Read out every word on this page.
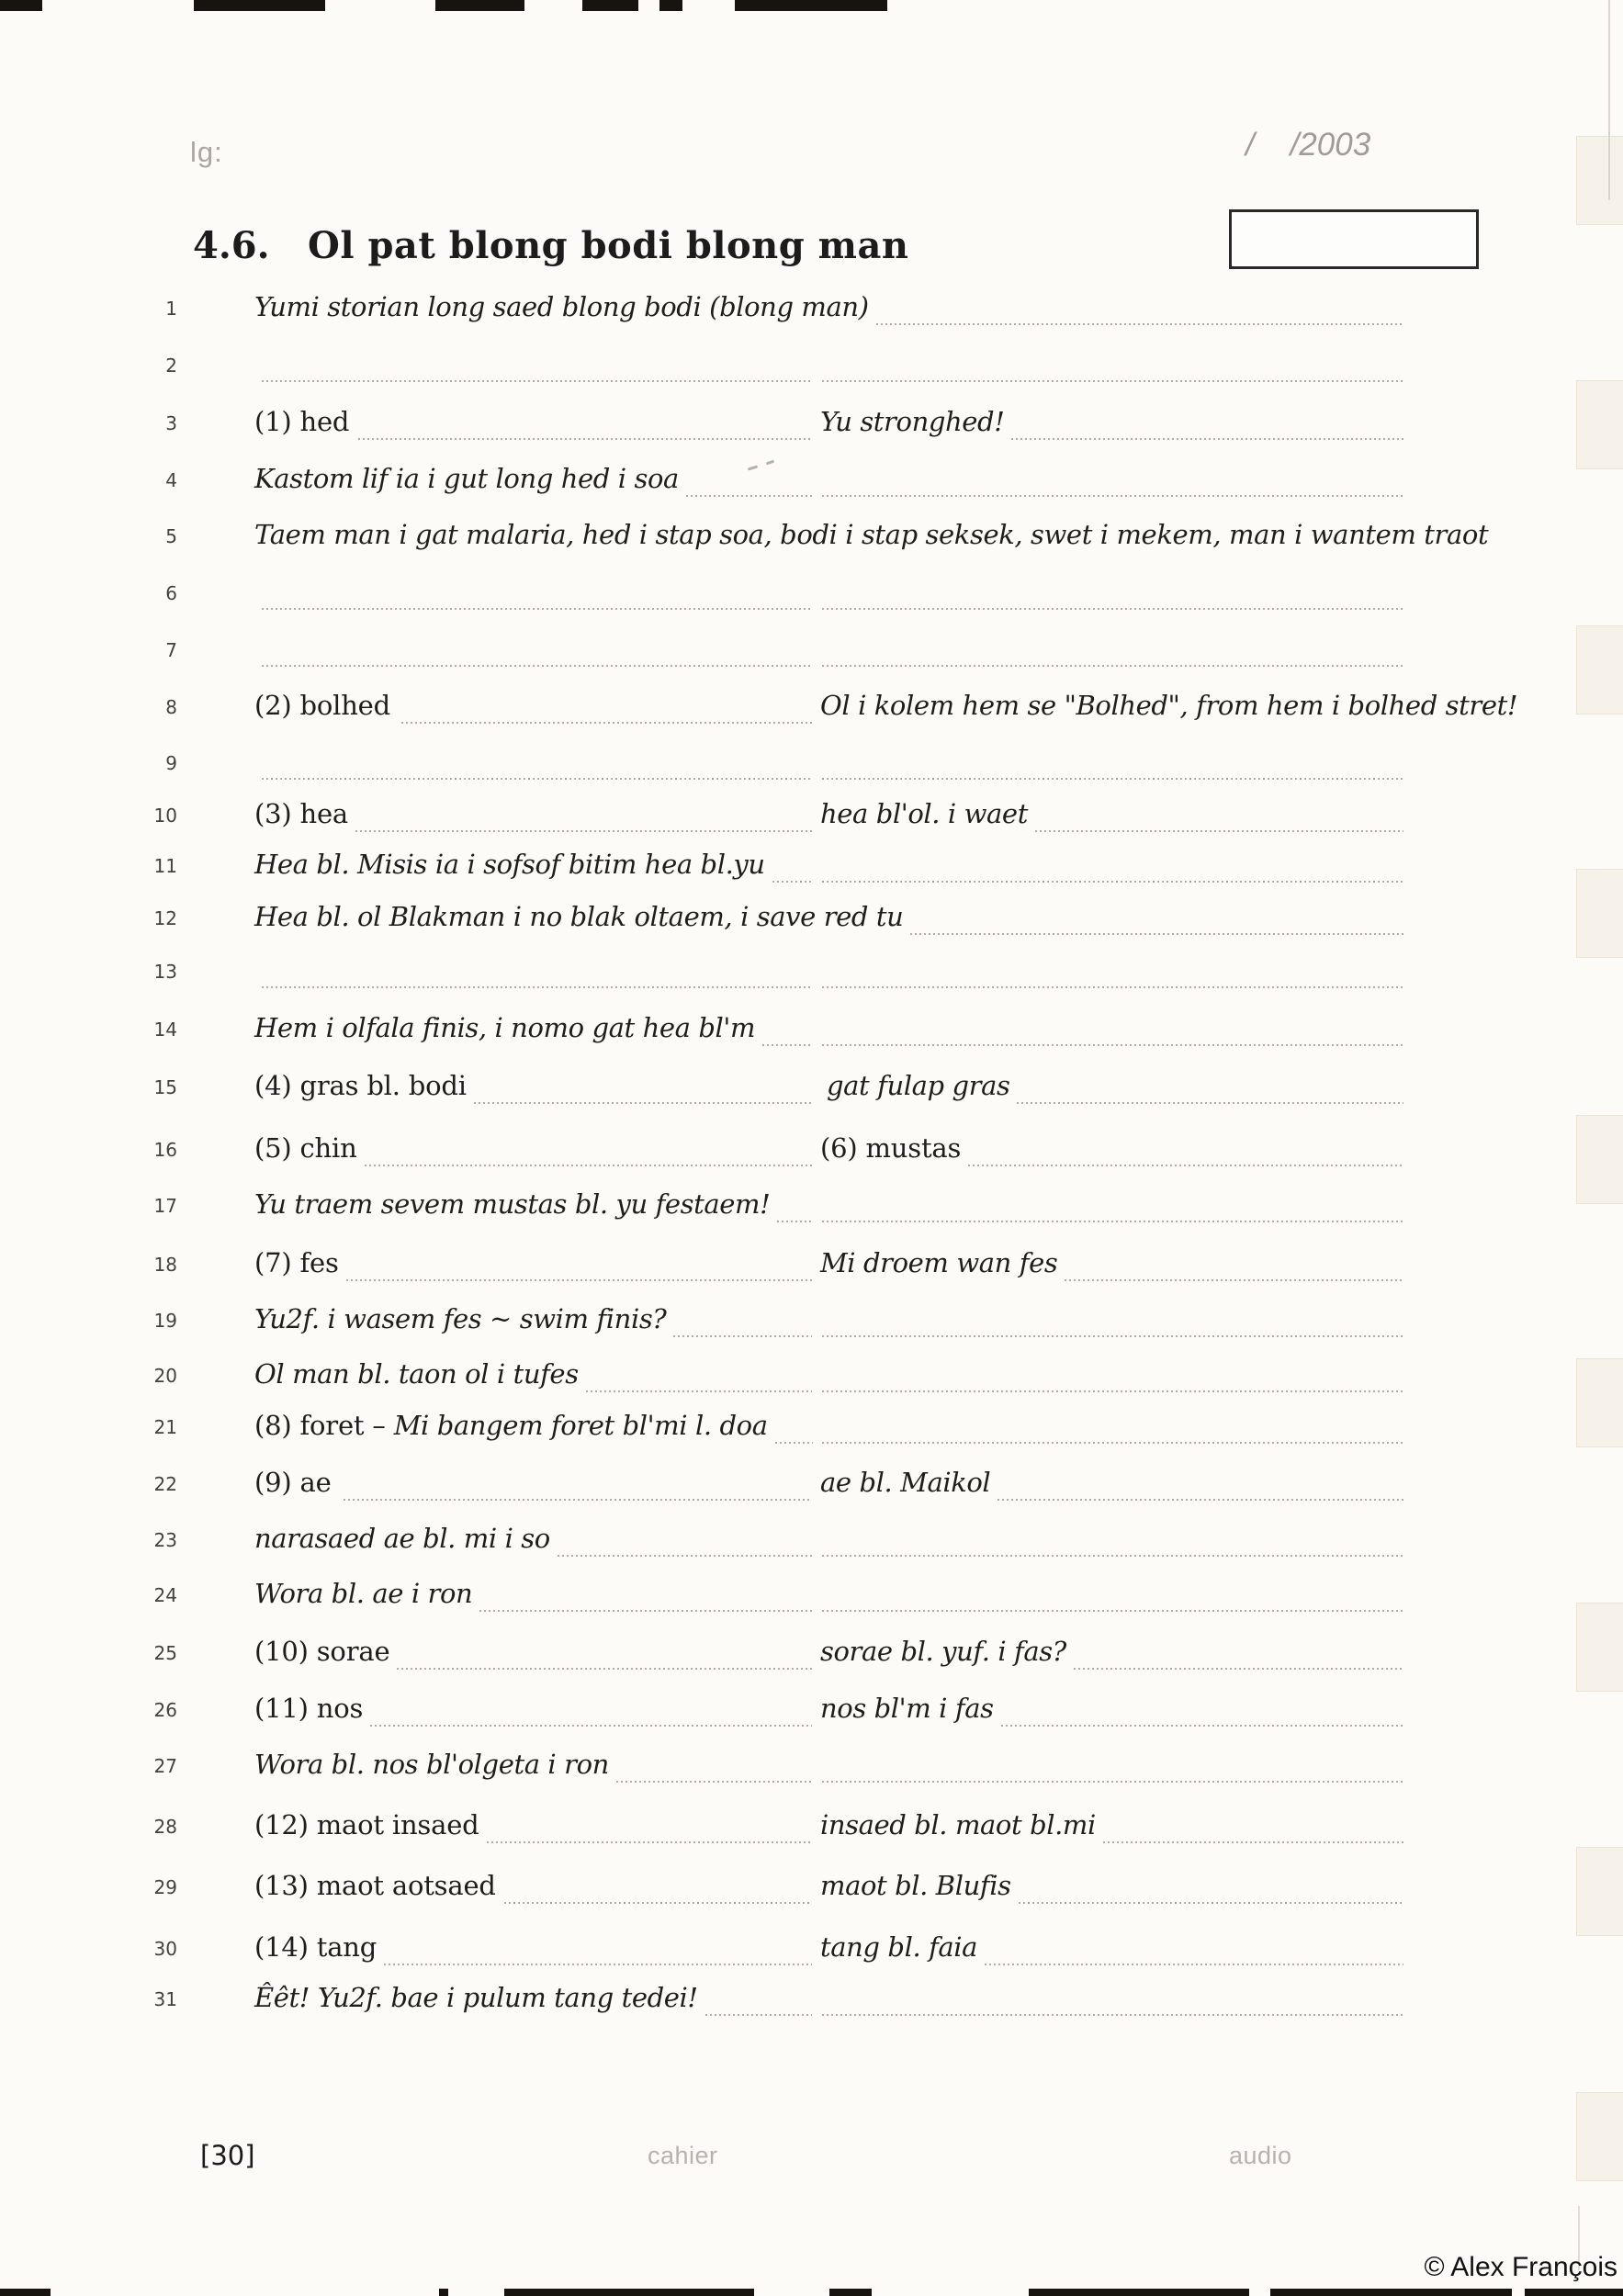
lg:	/    /2003
4.6. Ol pat blong bodi blong man
1	Yumi storian long saed blong bodi (blong man)
2
3	(1) hed	Yu stronghed!
4	Kastom lif ia i gut long hed i soa
5	Taem man i gat malaria, hed i stap soa, bodi i stap seksek, swet i mekem, man i wantem traot
6
7
8	(2) bolhed	Ol i kolem hem se "Bolhed", from hem i bolhed stret!
9
10	(3) hea	hea bl'ol. i waet
11	Hea bl. Misis ia i sofsof bitim hea bl.yu
12	Hea bl. ol Blakman i no blak oltaem, i save red tu
13
14	Hem i olfala finis, i nomo gat hea bl'm
15	(4) gras bl. bodi	gat fulap gras
16	(5) chin	(6) mustas
17	Yu traem sevem mustas bl. yu festaem!
18	(7) fes	Mi droem wan fes
19	Yu2f. i wasem fes ~ swim finis?
20	Ol man bl. taon ol i tufes
21	(8) foret – Mi bangem foret bl'mi l. doa
22	(9) ae	ae bl. Maikol
23	narasaed ae bl. mi i so
24	Wora bl. ae i ron
25	(10) sorae	sorae bl. yuf. i fas?
26	(11) nos	nos bl'm i fas
27	Wora bl. nos bl'olgeta i ron
28	(12) maot insaed	insaed bl. maot bl.mi
29	(13) maot aotsaed	maot bl. Blufis
30	(14) tang	tang bl. faia
31	Êêt! Yu2f. bae i pulum tang tedei!
[30]	cahier	audio
© Alex François
